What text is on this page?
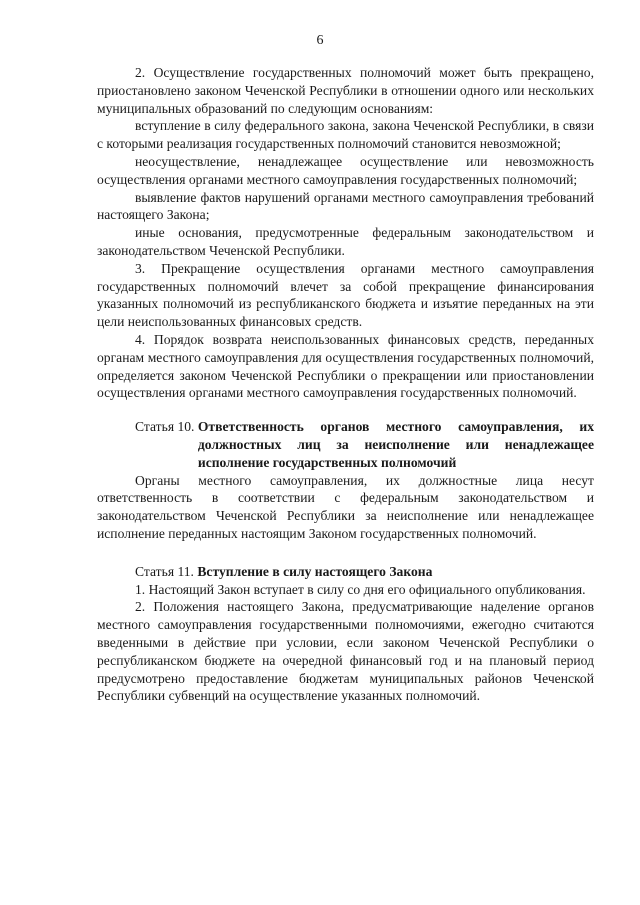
6

2. Осуществление государственных полномочий может быть прекращено, приостановлено законом Чеченской Республики в отношении одного или нескольких муниципальных образований по следующим основаниям:

вступление в силу федерального закона, закона Чеченской Республики, в связи с которыми реализация государственных полномочий становится невозможной;

неосуществление, ненадлежащее осуществление или невозможность осуществления органами местного самоуправления государственных полномочий;

выявление фактов нарушений органами местного самоуправления требований настоящего Закона;

иные основания, предусмотренные федеральным законодательством и законодательством Чеченской Республики.

3. Прекращение осуществления органами местного самоуправления государственных полномочий влечет за собой прекращение финансирования указанных полномочий из республиканского бюджета и изъятие переданных на эти цели неиспользованных финансовых средств.

4. Порядок возврата неиспользованных финансовых средств, переданных органам местного самоуправления для осуществления государственных полномочий, определяется законом Чеченской Республики о прекращении или приостановлении осуществления органами местного самоуправления государственных полномочий.

Статья 10. Ответственность органов местного самоуправления, их должностных лиц за неисполнение или ненадлежащее исполнение государственных полномочий

Органы местного самоуправления, их должностные лица несут ответственность в соответствии с федеральным законодательством и законодательством Чеченской Республики за неисполнение или ненадлежащее исполнение переданных настоящим Законом государственных полномочий.

Статья 11. Вступление в силу настоящего Закона

1. Настоящий Закон вступает в силу со дня его официального опубликования.

2. Положения настоящего Закона, предусматривающие наделение органов местного самоуправления государственными полномочиями, ежегодно считаются введенными в действие при условии, если законом Чеченской Республики о республиканском бюджете на очередной финансовый год и на плановый период предусмотрено предоставление бюджетам муниципальных районов Чеченской Республики субвенций на осуществление указанных полномочий.
